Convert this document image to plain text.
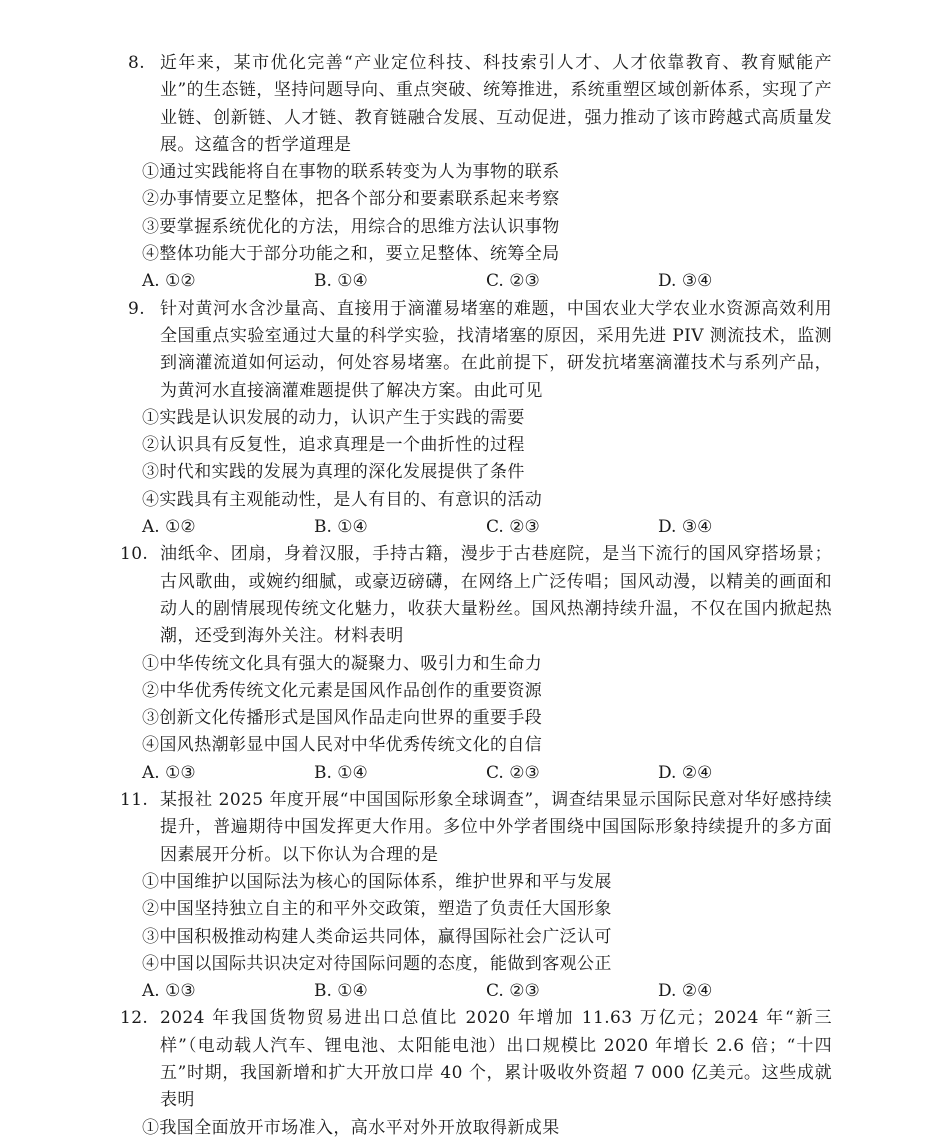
8. 近年来，某市优化完善“产业定位科技、科技索引人才、人才依靠教育、教育赋能产业”的生态链，坚持问题导向、重点突破、统筹推进，系统重塑区域创新体系，实现了产业链、创新链、人才链、教育链融合发展、互动促进，强力推动了该市跨越式高质量发展。这蕴含的哲学道理是
①通过实践能将自在事物的联系转变为人为事物的联系
②办事情要立足整体，把各个部分和要素联系起来考察
③要掌握系统优化的方法，用综合的思维方法认识事物
④整体功能大于部分功能之和，要立足整体、统筹全局
A. ①②	B. ①④	C. ②③	D. ③④
9. 针对黄河水含沙量高、直接用于滴灌易堵塞的难题，中国农业大学农业水资源高效利用全国重点实验室通过大量的科学实验，找清堵塞的原因，采用先进 PIV 测流技术，监测到滴灌流道如何运动，何处容易堵塞。在此前提下，研发抗堵塞滴灌技术与系列产品，为黄河水直接滴灌难题提供了解决方案。由此可见
①实践是认识发展的动力，认识产生于实践的需要
②认识具有反复性，追求真理是一个曲折性的过程
③时代和实践的发展为真理的深化发展提供了条件
④实践具有主观能动性，是人有目的、有意识的活动
A. ①②	B. ①④	C. ②③	D. ③④
10. 油纸伞、团扇，身着汉服，手持古籍，漫步于古巷庭院，是当下流行的国风穿搭场景；古风歌曲，或婉约细腻，或豪迈磅礴，在网络上广泛传唱；国风动漫，以精美的画面和动人的剧情展现传统文化魅力，收获大量粉丝。国风热潮持续升温，不仅在国内掀起热潮，还受到海外关注。材料表明
①中华传统文化具有强大的凝聚力、吸引力和生命力
②中华优秀传统文化元素是国风作品创作的重要资源
③创新文化传播形式是国风作品走向世界的重要手段
④国风热潮彰显中国人民对中华优秀传统文化的自信
A. ①③	B. ①④	C. ②③	D. ②④
11. 某报社 2025 年度开展“中国国际形象全球调查”，调查结果显示国际民意对华好感持续提升，普遍期待中国发挥更大作用。多位中外学者围绕中国国际形象持续提升的多方面因素展开分析。以下你认为合理的是
①中国维护以国际法为核心的国际体系，维护世界和平与发展
②中国坚持独立自主的和平外交政策，塑造了负责任大国形象
③中国积极推动构建人类命运共同体，赢得国际社会广泛认可
④中国以国际共识决定对待国际问题的态度，能做到客观公正
A. ①③	B. ①④	C. ②③	D. ②④
12. 2024 年我国货物贸易进出口总值比 2020 年增加 11.63 万亿元；2024 年“新三样”（电动载人汽车、锂电池、太阳能电池）出口规模比 2020 年增长 2.6 倍；“十四五”时期，我国新增和扩大开放口岸 40 个，累计吸收外资超 7 000 亿美元。这些成就表明
①我国全面放开市场准入，高水平对外开放取得新成果
